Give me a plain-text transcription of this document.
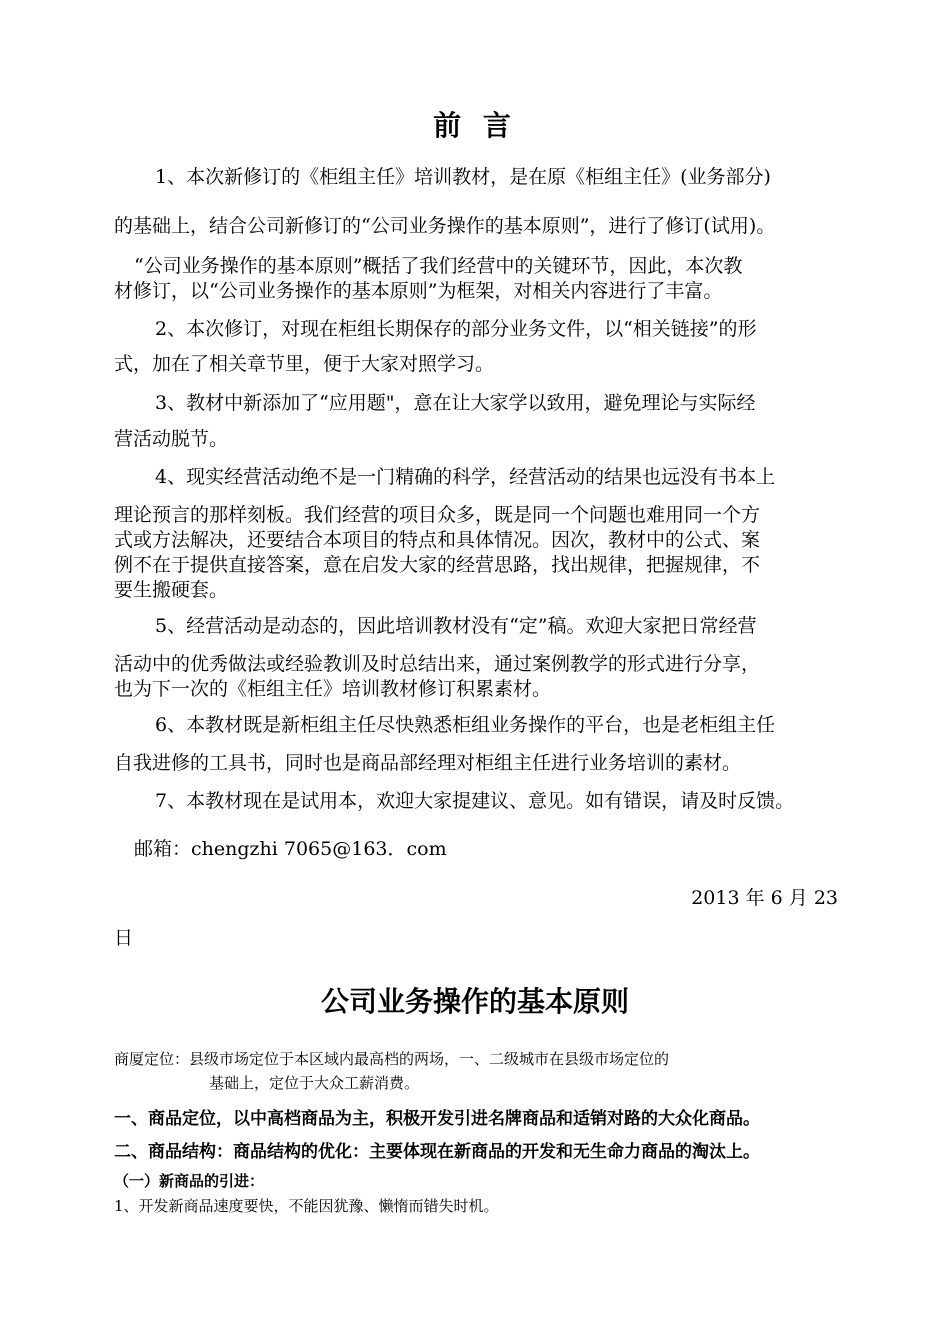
前 言

1、本次新修订的《柜组主任》培训教材，是在原《柜组主任》(业务部分)

的基础上，结合公司新修订的“公司业务操作的基本原则”，进行了修订(试用)。

“公司业务操作的基本原则”概括了我们经营中的关键环节，因此，本次教

材修订，以“公司业务操作的基本原则”为框架，对相关内容进行了丰富。

2、本次修订，对现在柜组长期保存的部分业务文件，以“相关链接”的形

式，加在了相关章节里，便于大家对照学习。

3、教材中新添加了“应用题"，意在让大家学以致用，避免理论与实际经

营活动脱节。

4、现实经营活动绝不是一门精确的科学，经营活动的结果也远没有书本上

理论预言的那样刻板。我们经营的项目众多，既是同一个问题也难用同一个方

式或方法解决，还要结合本项目的特点和具体情况。因次，教材中的公式、案

例不在于提供直接答案，意在启发大家的经营思路，找出规律，把握规律，不

要生搬硬套。

5、经营活动是动态的，因此培训教材没有“定”稿。欢迎大家把日常经营

活动中的优秀做法或经验教训及时总结出来，通过案例教学的形式进行分享，

也为下一次的《柜组主任》培训教材修订积累素材。

6、本教材既是新柜组主任尽快熟悉柜组业务操作的平台，也是老柜组主任

自我进修的工具书，同时也是商品部经理对柜组主任进行业务培训的素材。

7、本教材现在是试用本，欢迎大家提建议、意见。如有错误，请及时反馈。

邮箱：chengzhi 7065@163．com

2013 年 6 月 23

日

公司业务操作的基本原则

商厦定位：县级市场定位于本区域内最高档的两场，一、二级城市在县级市场定位的

基础上，定位于大众工薪消费。

一、商品定位，以中高档商品为主，积极开发引进名牌商品和适销对路的大众化商品。

二、商品结构：商品结构的优化：主要体现在新商品的开发和无生命力商品的淘汰上。

（一）新商品的引进：

1、开发新商品速度要快，不能因犹豫、懒惰而错失时机。
